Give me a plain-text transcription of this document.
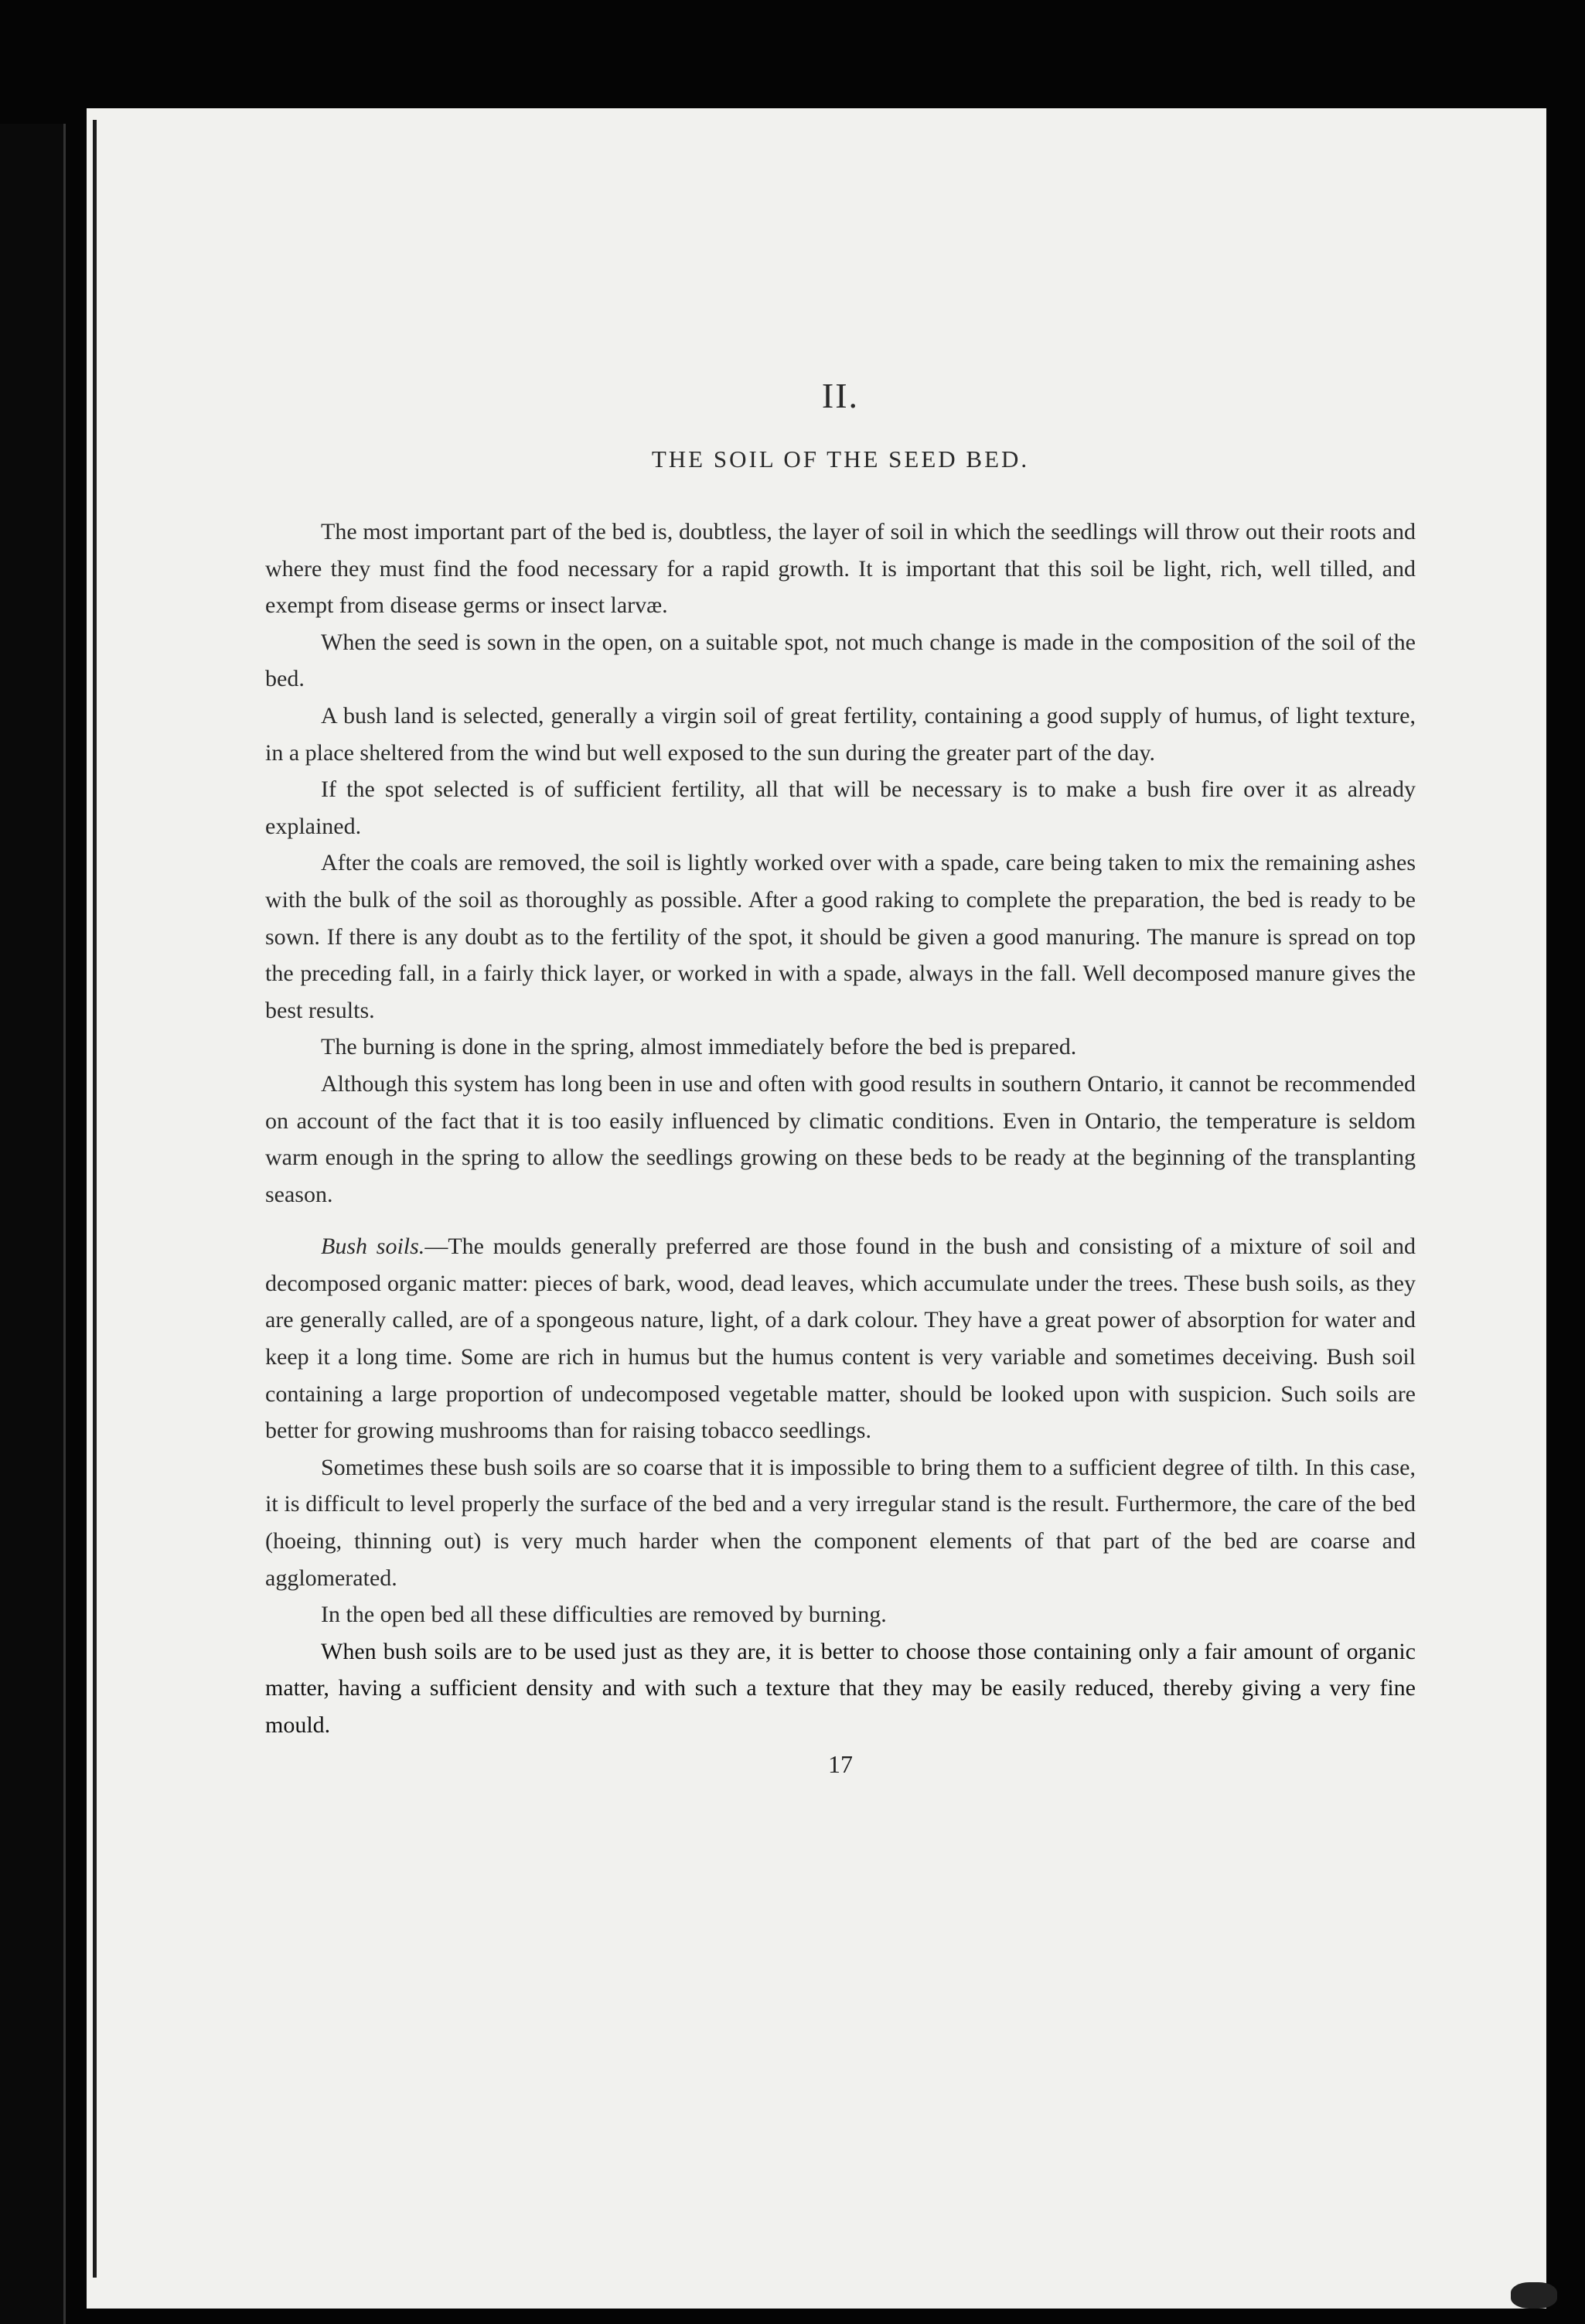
II.
THE SOIL OF THE SEED BED.

The most important part of the bed is, doubtless, the layer of soil in which the seedlings will throw out their roots and where they must find the food necessary for a rapid growth. It is important that this soil be light, rich, well tilled, and exempt from disease germs or insect larvæ.

When the seed is sown in the open, on a suitable spot, not much change is made in the composition of the soil of the bed.

A bush land is selected, generally a virgin soil of great fertility, containing a good supply of humus, of light texture, in a place sheltered from the wind but well exposed to the sun during the greater part of the day.

If the spot selected is of sufficient fertility, all that will be necessary is to make a bush fire over it as already explained.

After the coals are removed, the soil is lightly worked over with a spade, care being taken to mix the remaining ashes with the bulk of the soil as thoroughly as possible. After a good raking to complete the preparation, the bed is ready to be sown. If there is any doubt as to the fertility of the spot, it should be given a good manuring. The manure is spread on top the preceding fall, in a fairly thick layer, or worked in with a spade, always in the fall. Well decomposed manure gives the best results.

The burning is done in the spring, almost immediately before the bed is prepared.

Although this system has long been in use and often with good results in southern Ontario, it cannot be recommended on account of the fact that it is too easily influenced by climatic conditions. Even in Ontario, the temperature is seldom warm enough in the spring to allow the seedlings growing on these beds to be ready at the beginning of the transplanting season.

Bush soils.—The moulds generally preferred are those found in the bush and consisting of a mixture of soil and decomposed organic matter: pieces of bark, wood, dead leaves, which accumulate under the trees. These bush soils, as they are generally called, are of a spongeous nature, light, of a dark colour. They have a great power of absorption for water and keep it a long time. Some are rich in humus but the humus content is very variable and sometimes deceiving. Bush soil containing a large proportion of undecomposed vegetable matter, should be looked upon with suspicion. Such soils are better for growing mushrooms than for raising tobacco seedlings.

Sometimes these bush soils are so coarse that it is impossible to bring them to a sufficient degree of tilth. In this case, it is difficult to level properly the surface of the bed and a very irregular stand is the result. Furthermore, the care of the bed (hoeing, thinning out) is very much harder when the component elements of that part of the bed are coarse and agglomerated.

In the open bed all these difficulties are removed by burning.

When bush soils are to be used just as they are, it is better to choose those containing only a fair amount of organic matter, having a sufficient density and with such a texture that they may be easily reduced, thereby giving a very fine mould.

17
